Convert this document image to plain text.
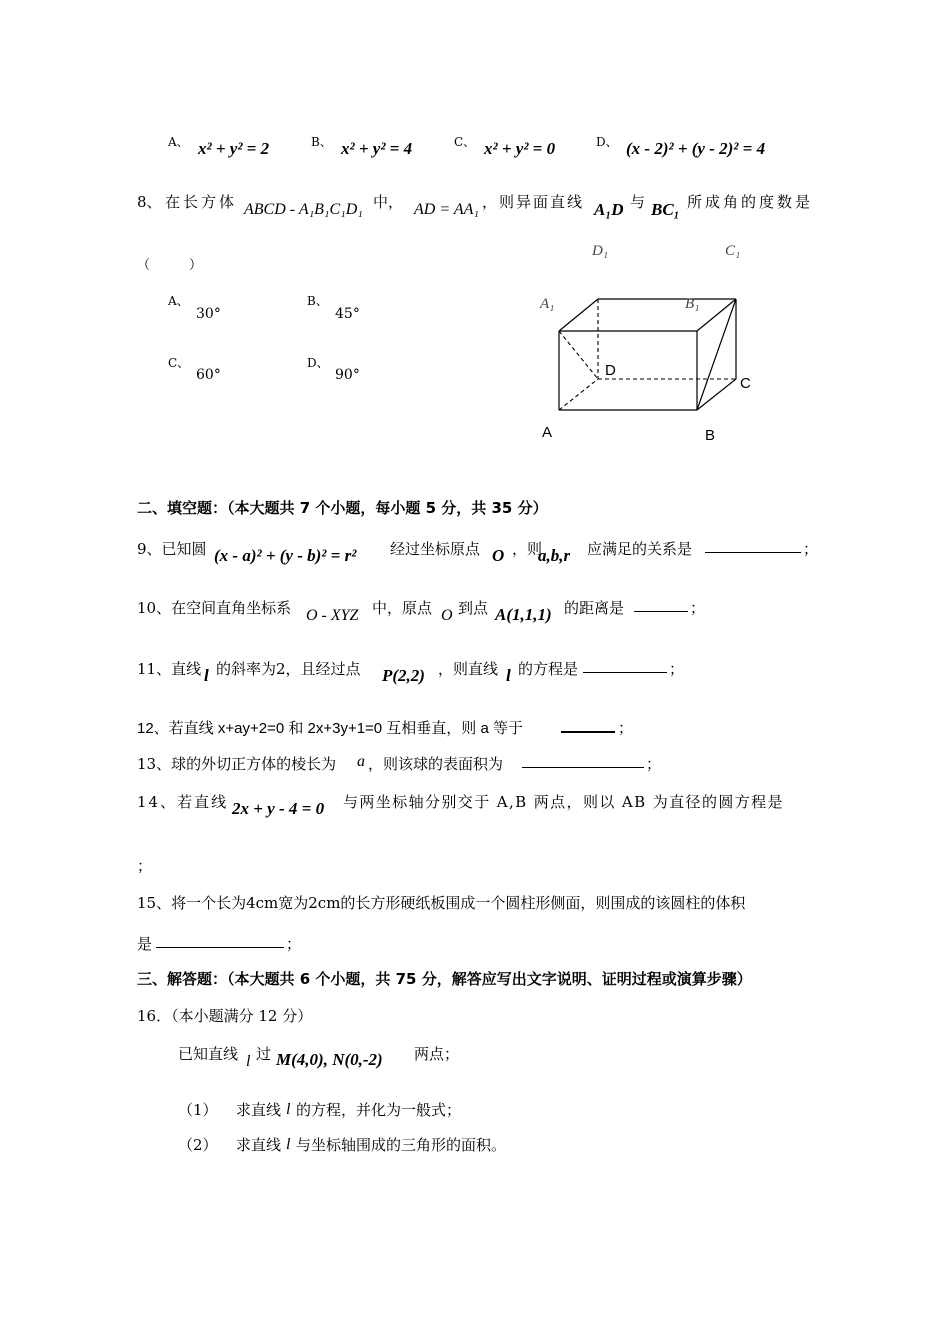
A、 x² + y² = 2	B、 x² + y² = 4	C、 x² + y² = 0	D、 (x - 2)² + (y - 2)² = 4
8、 在长方体 ABCD - A₁B₁C₁D₁ 中， AD = AA₁ ，则异面直线 A₁D 与 BC₁ 所成角的度数是
（　　　）
A、
30°
B、
45°
C、
60°
D、
90°
D₁	C₁
A₁	B₁
D
C
A	B
二、填空题：（本大题共 7 个小题，每小题 5 分，共 35 分）
9、已知圆 (x - a)² + (y - b)² = r² 经过坐标原点 O ，则
a,b,r 应满足的关系是	；
10、在空间直角坐标系 O - XYZ 中，原点 O 到点 A(1,1,1) 的距离是	；
11、直线 l 的斜率为2，且经过点 P(2,2) ，则直线 l 的方程是	；
12、若直线 x+ay+2=0 和 2x+3y+1=0 互相垂直，则 a 等于	；
13、球的外切正方体的棱长为 a ，则该球的表面积为	；
14、若直线 2x + y - 4 = 0 与两坐标轴分别交于 A,B 两点，则以 AB 为直径的圆方程是
；
15、将一个长为4cm宽为2cm的长方形硬纸板围成一个圆柱形侧面，则围成的该圆柱的体积
是	；
三、解答题：（本大题共 6 个小题，共 75 分，解答应写出文字说明、证明过程或演算步骤）
16．（本小题满分 12 分）
已知直线 l 过 M(4,0), N(0,-2) 两点；
（1） 求直线 l 的方程，并化为一般式；
（2） 求直线 l 与坐标轴围成的三角形的面积。
